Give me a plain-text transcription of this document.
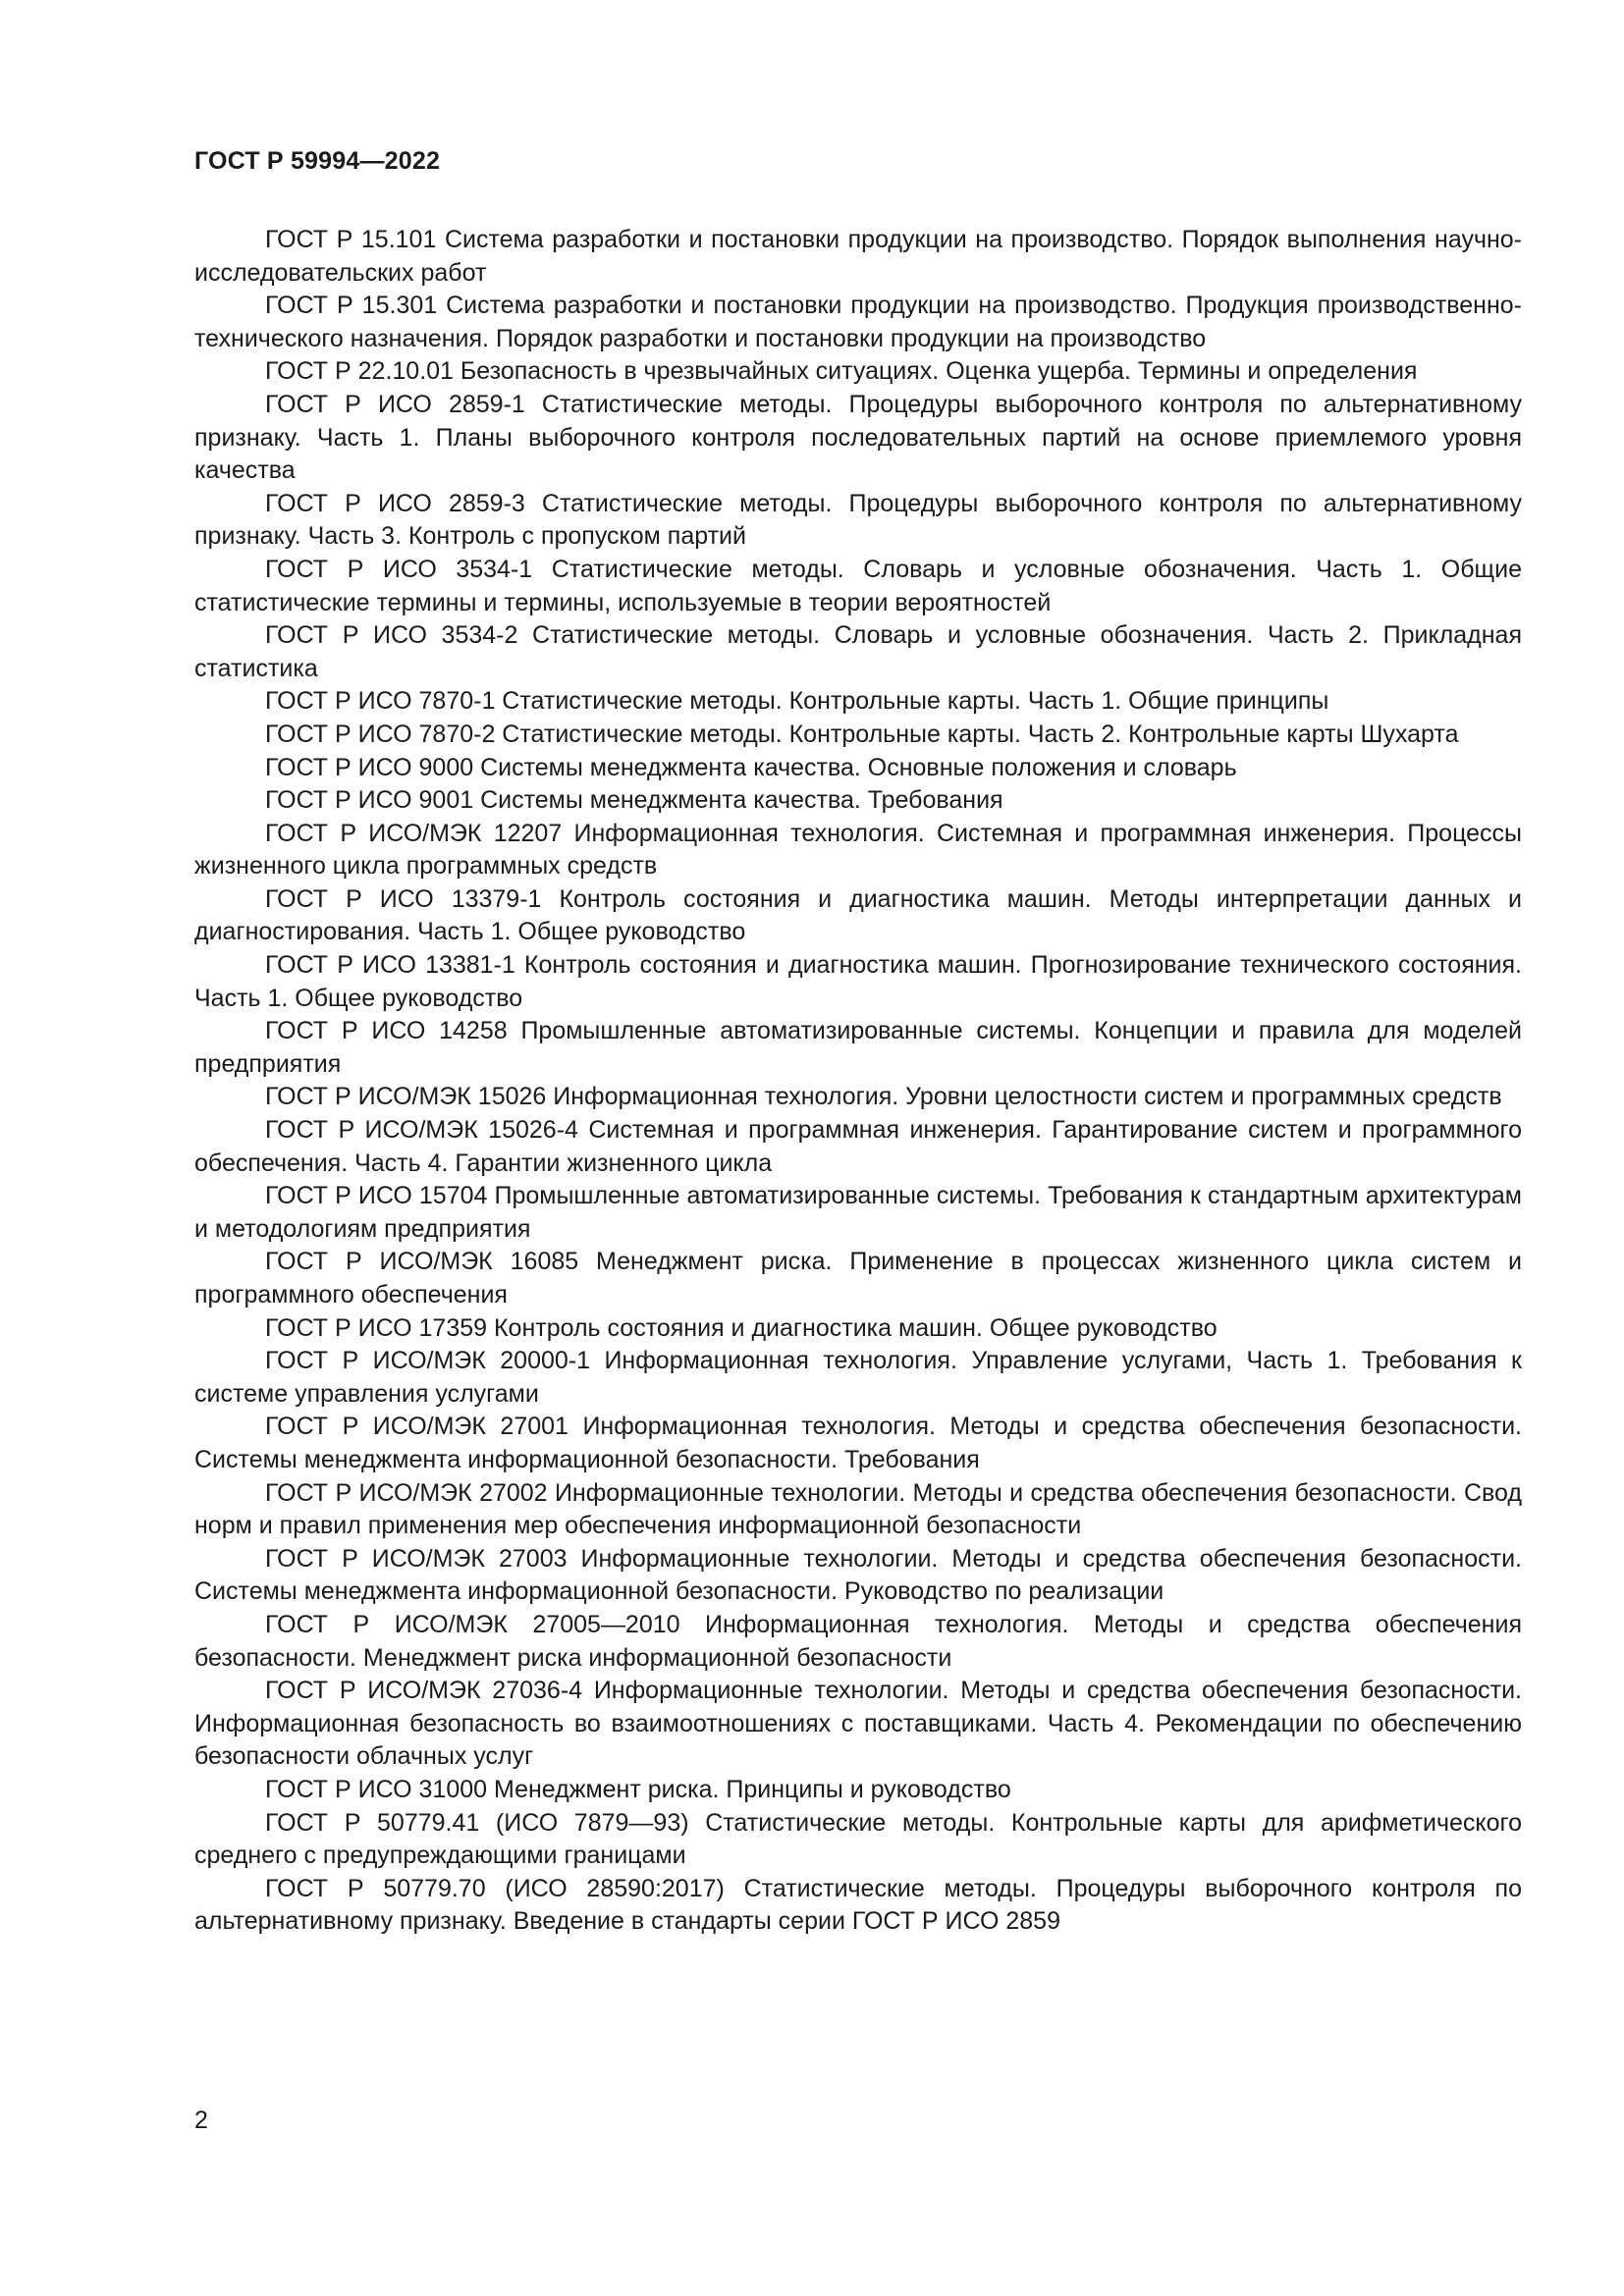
ГОСТ Р 59994—2022

ГОСТ Р 15.101 Система разработки и постановки продукции на производство. Порядок выполнения научно-исследовательских работ

ГОСТ Р 15.301 Система разработки и постановки продукции на производство. Продукция производственно-технического назначения. Порядок разработки и постановки продукции на производство

ГОСТ Р 22.10.01 Безопасность в чрезвычайных ситуациях. Оценка ущерба. Термины и определения

ГОСТ Р ИСО 2859-1 Статистические методы. Процедуры выборочного контроля по альтернативному признаку. Часть 1. Планы выборочного контроля последовательных партий на основе приемлемого уровня качества

ГОСТ Р ИСО 2859-3 Статистические методы. Процедуры выборочного контроля по альтернативному признаку. Часть 3. Контроль с пропуском партий

ГОСТ Р ИСО 3534-1 Статистические методы. Словарь и условные обозначения. Часть 1. Общие статистические термины и термины, используемые в теории вероятностей

ГОСТ Р ИСО 3534-2 Статистические методы. Словарь и условные обозначения. Часть 2. Прикладная статистика

ГОСТ Р ИСО 7870-1 Статистические методы. Контрольные карты. Часть 1. Общие принципы

ГОСТ Р ИСО 7870-2 Статистические методы. Контрольные карты. Часть 2. Контрольные карты Шухарта

ГОСТ Р ИСО 9000 Системы менеджмента качества. Основные положения и словарь

ГОСТ Р ИСО 9001 Системы менеджмента качества. Требования

ГОСТ Р ИСО/МЭК 12207 Информационная технология. Системная и программная инженерия. Процессы жизненного цикла программных средств

ГОСТ Р ИСО 13379-1 Контроль состояния и диагностика машин. Методы интерпретации данных и диагностирования. Часть 1. Общее руководство

ГОСТ Р ИСО 13381-1 Контроль состояния и диагностика машин. Прогнозирование технического состояния. Часть 1. Общее руководство

ГОСТ Р ИСО 14258 Промышленные автоматизированные системы. Концепции и правила для моделей предприятия

ГОСТ Р ИСО/МЭК 15026 Информационная технология. Уровни целостности систем и программных средств

ГОСТ Р ИСО/МЭК 15026-4 Системная и программная инженерия. Гарантирование систем и программного обеспечения. Часть 4. Гарантии жизненного цикла

ГОСТ Р ИСО 15704 Промышленные автоматизированные системы. Требования к стандартным архитектурам и методологиям предприятия

ГОСТ Р ИСО/МЭК 16085 Менеджмент риска. Применение в процессах жизненного цикла систем и программного обеспечения

ГОСТ Р ИСО 17359 Контроль состояния и диагностика машин. Общее руководство

ГОСТ Р ИСО/МЭК 20000-1 Информационная технология. Управление услугами, Часть 1. Требования к системе управления услугами

ГОСТ Р ИСО/МЭК 27001 Информационная технология. Методы и средства обеспечения безопасности. Системы менеджмента информационной безопасности. Требования

ГОСТ Р ИСО/МЭК 27002 Информационные технологии. Методы и средства обеспечения безопасности. Свод норм и правил применения мер обеспечения информационной безопасности

ГОСТ Р ИСО/МЭК 27003 Информационные технологии. Методы и средства обеспечения безопасности. Системы менеджмента информационной безопасности. Руководство по реализации

ГОСТ Р ИСО/МЭК 27005—2010 Информационная технология. Методы и средства обеспечения безопасности. Менеджмент риска информационной безопасности

ГОСТ Р ИСО/МЭК 27036-4 Информационные технологии. Методы и средства обеспечения безопасности. Информационная безопасность во взаимоотношениях с поставщиками. Часть 4. Рекомендации по обеспечению безопасности облачных услуг

ГОСТ Р ИСО 31000 Менеджмент риска. Принципы и руководство

ГОСТ Р 50779.41 (ИСО 7879—93) Статистические методы. Контрольные карты для арифметического среднего с предупреждающими границами

ГОСТ Р 50779.70 (ИСО 28590:2017) Статистические методы. Процедуры выборочного контроля по альтернативному признаку. Введение в стандарты серии ГОСТ Р ИСО 2859

2
